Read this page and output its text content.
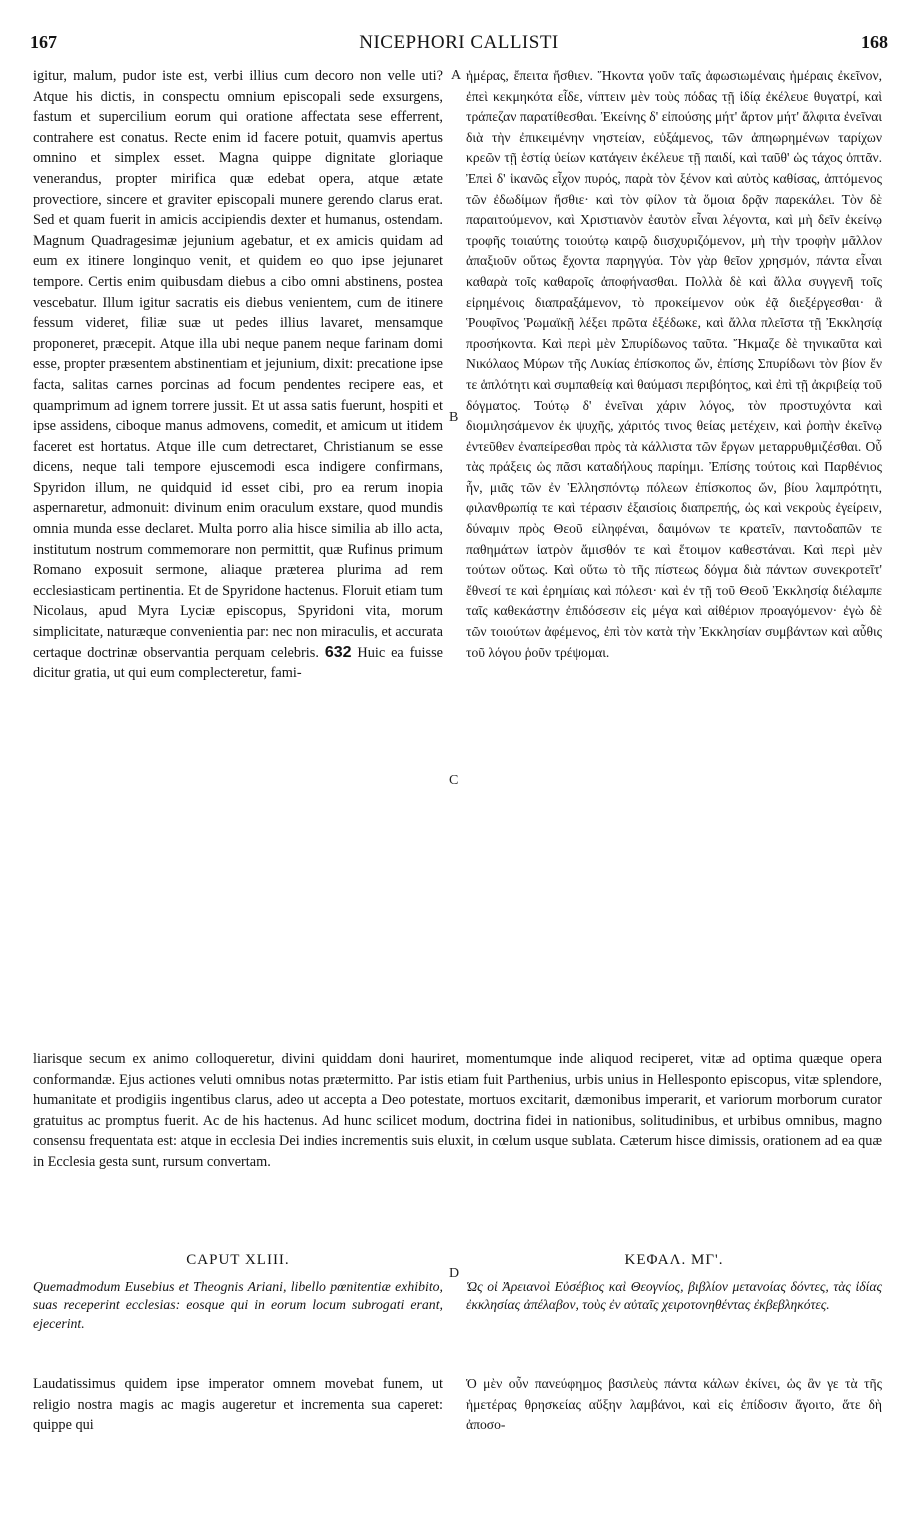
167	NICEPHORI CALLISTI	168
A
B
C
D

igitur, malum, pudor iste est, verbi illius cum decoro non velle uti? Atque his dictis, in conspectu omnium episcopali sede exsurgens, fastum et supercilium eorum qui oratione affectata sese efferrent, contrahere est conatus. Recte enim id facere potuit, quamvis apertus omnino et simplex esset. Magna quippe dignitate gloriaque venerandus, propter mirifica quæ edebat opera, atque ætate provectiore, sincere et graviter episcopali munere gerendo clarus erat. Sed et quam fuerit in amicis accipiendis dexter et humanus, ostendam. Magnum Quadragesimæ jejunium agebatur, et ex amicis quidam ad eum ex itinere longinquo venit, et quidem eo quo ipse jejunaret tempore. Certis enim quibusdam diebus a cibo omni abstinens, postea vescebatur. Illum igitur sacratis eis diebus venientem, cum de itinere fessum videret, filiæ suæ ut pedes illius lavaret, mensamque proponeret, præcepit. Atque illa ubi neque panem neque farinam domi esse, propter præsentem abstinentiam et jejunium, dixit: precatione ipse facta, salitas carnes porcinas ad focum pendentes recipere eas, et quamprimum ad ignem torrere jussit. Et ut assa satis fuerunt, hospiti et ipse assidens, ciboque manus admovens, comedit, et amicum ut itidem faceret est hortatus. Atque ille cum detrectaret, Christianum se esse dicens, neque tali tempore ejuscemodi esca indigere confirmans, Spyridon illum, ne quidquid id esset cibi, pro ea rerum inopia aspernaretur, admonuit: divinum enim oraculum exstare, quod mundis omnia munda esse declaret. Multa porro alia hisce similia ab illo acta, institutum nostrum commemorare non permittit, quæ Rufinus primum Romano exposuit sermone, aliaque præterea plurima ad rem ecclesiasticam pertinentia. Et de Spyridone hactenus. Floruit etiam tum Nicolaus, apud Myra Lyciæ episcopus, Spyridoni vita, morum simplicitate, naturæque convenientia par: nec non miraculis, et accurata certaque doctrinæ observantia perquam celebris. 632 Huic ea fuisse dicitur gratia, ut qui eum complecteretur, fami-

ἡμέρας, ἔπειτα ἤσθιεν. Ἥκοντα γοῦν ταῖς ἀφωσιωμέναις ἡμέραις ἐκεῖνον, ἐπεὶ κεκμηκότα εἶδε, νίπτειν μὲν τοὺς πόδας τῇ ἰδίᾳ ἐκέλευε θυγατρί, καὶ τράπεζαν παρατίθεσθαι. Ἐκείνης δ' εἰπούσης μήτ' ἄρτον μήτ' ἄλφιτα ἐνεῖναι διὰ τὴν ἐπικειμένην νηστείαν, εὐξάμενος, τῶν ἀπηωρημένων ταρίχων κρεῶν τῇ ἑστίᾳ ὑείων κατάγειν ἐκέλευε τῇ παιδί, καὶ ταῦθ' ὡς τάχος ὀπτᾶν. Ἐπεὶ δ' ἱκανῶς εἶχον πυρός, παρὰ τὸν ξένον καὶ αὐτὸς καθίσας, ἁπτόμενος τῶν ἐδωδίμων ἤσθιε· καὶ τὸν φίλον τὰ ὅμοια δρᾷν παρεκάλει. Τὸν δὲ παραιτούμενον, καὶ Χριστιανὸν ἑαυτὸν εἶναι λέγοντα, καὶ μὴ δεῖν ἐκείνῳ τροφῆς τοιαύτης τοιούτῳ καιρῷ διισχυριζόμενον, μὴ τὴν τροφὴν μᾶλλον ἀπαξιοῦν οὕτως ἔχοντα παρηγγύα. Τὸν γὰρ θεῖον χρησμόν, πάντα εἶναι καθαρὰ τοῖς καθαροῖς ἀποφήνασθαι. Πολλὰ δὲ καὶ ἄλλα συγγενῆ τοῖς εἰρημένοις διαπραξάμενον, τὸ προκείμενον οὐκ ἐᾷ διεξέργεσθαι· ἃ Ῥουφῖνος Ῥωμαϊκῇ λέξει πρῶτα ἐξέδωκε, καὶ ἄλλα πλεῖστα τῇ Ἐκκλησίᾳ προσήκοντα. Καὶ περὶ μὲν Σπυρίδωνος ταῦτα. Ἤκμαζε δὲ τηνικαῦτα καὶ Νικόλαος Μύρων τῆς Λυκίας ἐπίσκοπος ὤν, ἐπίσης Σπυρίδωνι τὸν βίον ἔν τε ἁπλότητι καὶ συμπαθείᾳ καὶ θαύμασι περιβόητος, καὶ ἐπὶ τῇ ἀκριβείᾳ τοῦ δόγματος. Τούτῳ δ' ἐνεῖναι χάριν λόγος, τὸν προστυχόντα καὶ διομιλησάμενον ἐκ ψυχῆς, χάριτός τινος θείας μετέχειν, καὶ ῥοπὴν ἐκεῖνῳ ἐντεῦθεν ἐναπείρεσθαι πρὸς τὰ κάλλιστα τῶν ἔργων μεταρρυθμιζέσθαι. Οὗ τὰς πράξεις ὡς πᾶσι καταδήλους παρίημι. Ἐπίσης τούτοις καὶ Παρθένιος ἦν, μιᾶς τῶν ἐν Ἑλλησπόντῳ πόλεων ἐπίσκοπος ὤν, βίου λαμπρότητι, φιλανθρωπίᾳ τε καὶ τέρασιν ἐξαισίοις διαπρεπής, ὡς καὶ νεκροὺς ἐγείρειν, δύναμιν πρὸς Θεοῦ εἰληφέναι, δαιμόνων τε κρατεῖν, παντοδαπῶν τε παθημάτων ἰατρὸν ἄμισθόν τε καὶ ἕτοιμον καθεστάναι. Καὶ περὶ μὲν τούτων οὕτως. Καὶ οὕτω τὸ τῆς πίστεως δόγμα διὰ πάντων συνεκροτεῖτ' ἔθνεσί τε καὶ ἐρημίαις καὶ πόλεσι· καὶ ἐν τῇ τοῦ Θεοῦ Ἐκκλησίᾳ διέλαμπε ταῖς καθεκάστην ἐπιδόσεσιν εἰς μέγα καὶ αἰθέριον προαγόμενον· ἐγὼ δὲ τῶν τοιούτων ἀφέμενος, ἐπὶ τὸν κατὰ τὴν Ἐκκλησίαν συμβάντων καὶ αὖθις τοῦ λόγου ῥοῦν τρέψομαι.

liarisque secum ex animo colloqueretur, divini quiddam doni hauriret, momentumque inde aliquod reciperet, vitæ ad optima quæque opera conformandæ. Ejus actiones veluti omnibus notas prætermitto. Par istis etiam fuit Parthenius, urbis unius in Hellesponto episcopus, vitæ splendore, humanitate et prodigiis ingentibus clarus, adeo ut accepta a Deo potestate, mortuos excitarit, dæmonibus imperarit, et variorum morborum curator gratuitus ac promptus fuerit. Ac de his hactenus. Ad hunc scilicet modum, doctrina fidei in nationibus, solitudinibus, et urbibus omnibus, magno consensu frequentata est: atque in ecclesia Dei indies incrementis suis eluxit, in cœlum usque sublata. Cæterum hisce dimissis, orationem ad ea quæ in Ecclesia gesta sunt, rursum convertam.

CAPUT XLIII.	ΚΕΦΑΛ. ΜΓ'.
Quemadmodum Eusebius et Theognis Ariani, libello pœnitentiæ exhibito, suas receperint ecclesias: eosque qui in eorum locum subrogati erant, ejecerint.
Ὡς οἱ Ἀρειανοὶ Εὐσέβιος καὶ Θεογνίος, βιβλίον μετανοίας δόντες, τὰς ἰδίας ἐκκλησίας ἀπέλαβον, τοὺς ἐν αὐταῖς χειροτονηθέντας ἐκβεβληκότες.
Laudatissimus quidem ipse imperator omnem movebat funem, ut religio nostra magis ac magis augeretur et incrementa sua caperet: quippe qui
Ὁ μὲν οὖν πανεύφημος βασιλεὺς πάντα κάλων ἐκίνει, ὡς ἂν γε τὰ τῆς ἡμετέρας θρησκείας αὔξην λαμβάνοι, καὶ εἰς ἐπίδοσιν ἄγοιτο, ἅτε δὴ ἀποσο-
